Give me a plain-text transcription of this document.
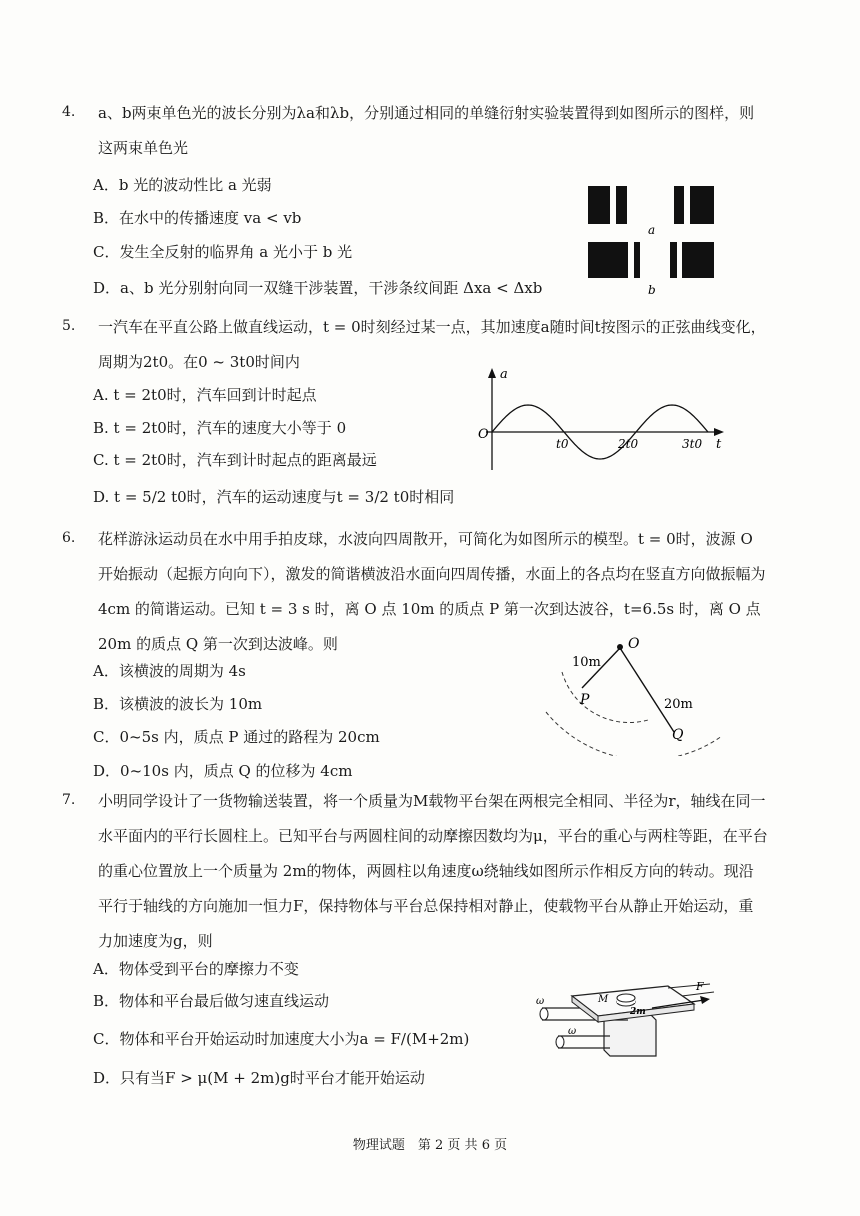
4. a、b两束单色光的波长分别为λa和λb，分别通过相同的单缝衍射实验装置得到如图所示的图样，则这两束单色光
A．b 光的波动性比 a 光弱
B．在水中的传播速度 va < vb
C．发生全反射的临界角 a 光小于 b 光
D．a、b 光分别射向同一双缝干涉装置，干涉条纹间距 Δxa < Δxb
a
b
5. 一汽车在平直公路上做直线运动，t = 0时刻经过某一点，其加速度a随时间t按图示的正弦曲线变化，周期为2t0。在0 ~ 3t0时间内
A. t = 2t0时，汽车回到计时起点
B. t = 2t0时，汽车的速度大小等于 0
C. t = 2t0时，汽车到计时起点的距离最远
D. t = 5/2 t0时，汽车的运动速度与t = 3/2 t0时相同
a
O
t0	2t0	3t0 t
6. 花样游泳运动员在水中用手拍皮球，水波向四周散开，可简化为如图所示的模型。t = 0时，波源 O 开始振动（起振方向向下），激发的简谐横波沿水面向四周传播，水面上的各点均在竖直方向做振幅为4cm 的简谐运动。已知 t = 3 s 时，离 O 点 10m 的质点 P 第一次到达波谷，t=6.5s 时，离 O 点 20m 的质点 Q 第一次到达波峰。则
A．该横波的周期为 4s
B．该横波的波长为 10m
C．0~5s 内，质点 P 通过的路程为 20cm
D．0~10s 内，质点 Q 的位移为 4cm
O
10m
P	20m
Q
7. 小明同学设计了一货物输送装置，将一个质量为M载物平台架在两根完全相同、半径为r，轴线在同一水平面内的平行长圆柱上。已知平台与两圆柱间的动摩擦因数均为μ，平台的重心与两柱等距，在平台的重心位置放上一个质量为 2m的物体，两圆柱以角速度ω绕轴线如图所示作相反方向的转动。现沿平行于轴线的方向施加一恒力F，保持物体与平台总保持相对静止，使载物平台从静止开始运动，重力加速度为g，则
A．物体受到平台的摩擦力不变
B．物体和平台最后做匀速直线运动
C．物体和平台开始运动时加速度大小为a = F/(M+2m)
D．只有当F > μ(M + 2m)g时平台才能开始运动
ω
ω
M
2m
F
物理试题　第 2 页 共 6 页
